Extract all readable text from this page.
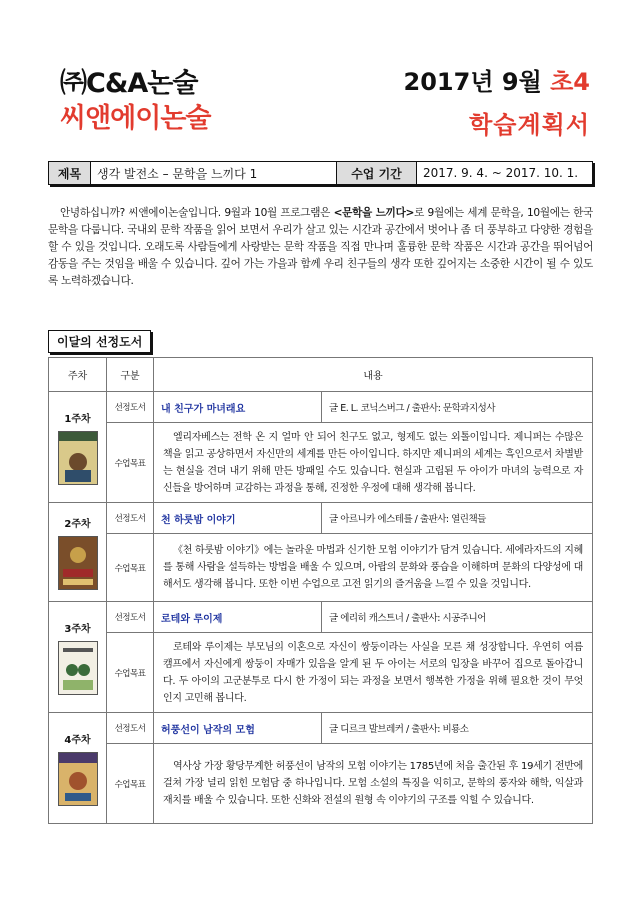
㈜C&A논술
씨앤에이논술
2017년 9월 초4
학습계획서
제목	생각 발전소 – 문학을 느끼다 1	수업 기간	2017. 9. 4. ~ 2017. 10. 1.
안녕하십니까? 씨앤에이논술입니다. 9월과 10월 프로그램은 <문학을 느끼다>로 9월에는 세계 문학을, 10월에는 한국 문학을 다룹니다. 국내외 문학 작품을 읽어 보면서 우리가 살고 있는 시간과 공간에서 벗어나 좀 더 풍부하고 다양한 경험을 할 수 있을 것입니다. 오래도록 사람들에게 사랑받는 문학 작품을 직접 만나며 훌륭한 문학 작품은 시간과 공간을 뛰어넘어 감동을 주는 것임을 배울 수 있습니다. 깊어 가는 가을과 함께 우리 친구들의 생각 또한 깊어지는 소중한 시간이 될 수 있도록 노력하겠습니다.
이달의 선정도서
주차	구분	내용	

1주차	선정도서	내 친구가 마녀래요	글 E. L. 코닉스버그 / 출판사: 문학과지성사
	수업목표	엘리자베스는 전학 온 지 얼마 안 되어 친구도 없고, 형제도 없는 외톨이입니다. 제니퍼는 수많은 책을 읽고 공상하면서 자신만의 세계를 만든 아이입니다. 하지만 제니퍼의 세계는 흑인으로서 차별받는 현실을 견뎌 내기 위해 만든 방패일 수도 있습니다. 현실과 고립된 두 아이가 마녀의 능력으로 자신들을 방어하며 교감하는 과정을 통해, 진정한 우정에 대해 생각해 봅니다.	

2주차	선정도서	천 하룻밤 이야기	글 아르니카 에스테를 / 출판사: 열린책들
	수업목표	《천 하룻밤 이야기》에는 놀라운 마법과 신기한 모험 이야기가 담겨 있습니다. 세에라자드의 지혜를 통해 사람을 설득하는 방법을 배울 수 있으며, 아랍의 문화와 풍습을 이해하며 문화의 다양성에 대해서도 생각해 봅니다. 또한 이번 수업으로 고전 읽기의 즐거움을 느낄 수 있을 것입니다.	

3주차	선정도서	로테와 루이제	글 에리히 캐스트너 / 출판사: 시공주니어
	수업목표	로테와 루이제는 부모님의 이혼으로 자신이 쌍둥이라는 사실을 모른 채 성장합니다. 우연히 여름 캠프에서 자신에게 쌍둥이 자매가 있음을 알게 된 두 아이는 서로의 입장을 바꾸어 집으로 돌아갑니다. 두 아이의 고군분투로 다시 한 가정이 되는 과정을 보면서 행복한 가정을 위해 필요한 것이 무엇인지 고민해 봅니다.	

4주차	선정도서	허풍선이 남작의 모험	글 디르크 발브레커 / 출판사: 비룡소
	수업목표	역사상 가장 황당무계한 허풍선이 남작의 모험 이야기는 1785년에 처음 출간된 후 19세기 전반에 걸쳐 가장 널리 읽힌 모험담 중 하나입니다. 모험 소설의 특징을 익히고, 문학의 풍자와 해학, 익살과 재치를 배울 수 있습니다. 또한 신화와 전설의 원형 속 이야기의 구조를 익힐 수 있습니다.	
